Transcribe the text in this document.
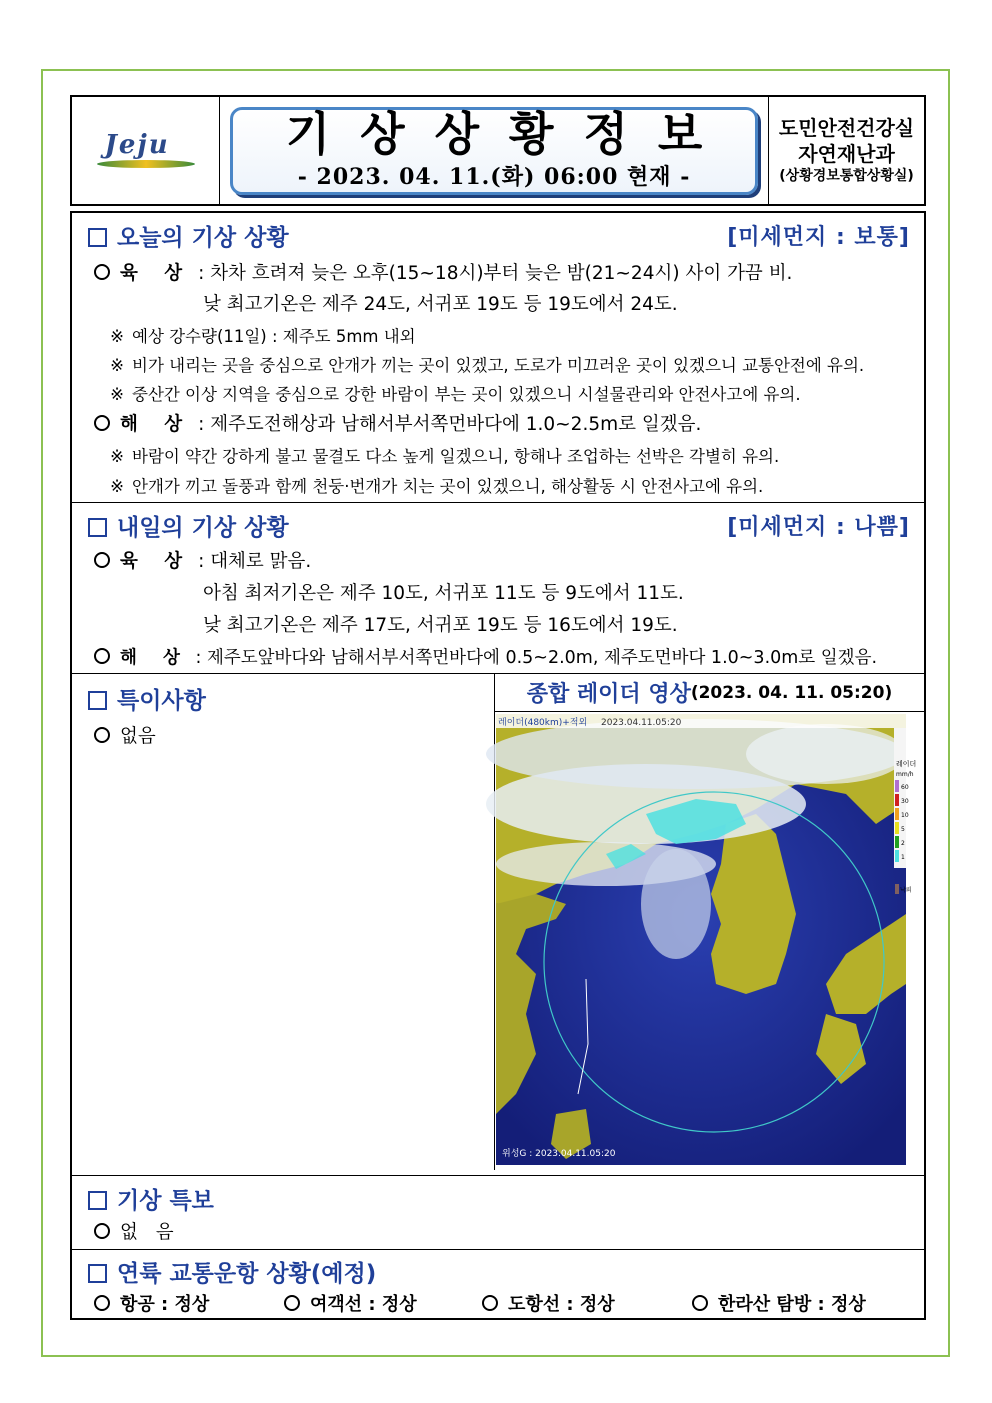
Jeju	기상상황정보
- 2023. 04. 11.(화) 06:00 현재 -
도민안전건강실
자연재난과
(상황경보통합상황실)
오늘의 기상 상황	[미세먼지 : 보통]
육 상 : 차차 흐려져 늦은 오후(15~18시)부터 늦은 밤(21~24시) 사이 가끔 비.
낮 최고기온은 제주 24도, 서귀포 19도 등 19도에서 24도.
※ 예상 강수량(11일) : 제주도 5mm 내외
※ 비가 내리는 곳을 중심으로 안개가 끼는 곳이 있겠고, 도로가 미끄러운 곳이 있겠으니 교통안전에 유의.
※ 중산간 이상 지역을 중심으로 강한 바람이 부는 곳이 있겠으니 시설물관리와 안전사고에 유의.
해 상 : 제주도전해상과 남해서부서쪽먼바다에 1.0~2.5m로 일겠음.
※ 바람이 약간 강하게 불고 물결도 다소 높게 일겠으니, 항해나 조업하는 선박은 각별히 유의.
※ 안개가 끼고 돌풍과 함께 천둥·번개가 치는 곳이 있겠으니, 해상활동 시 안전사고에 유의.
내일의 기상 상황	[미세먼지 : 나쁨]
육 상 : 대체로 맑음.
아침 최저기온은 제주 10도, 서귀포 11도 등 9도에서 11도.
낮 최고기온은 제주 17도, 서귀포 19도 등 16도에서 19도.
해 상 : 제주도앞바다와 남해서부서쪽먼바다에 0.5~2.0m, 제주도먼바다 1.0~3.0m로 일겠음.
특이사항
없음
종합 레이더 영상 (2023. 04. 11. 05:20)
레이더(480km)+적외 2023.04.11.05:20
레이더
mm/h
60
30
10
5
2
1
낙뢰
위성G : 2023.04.11.05:20
기상 특보
없 음
연륙 교통운항 상황(예정)
항공 : 정상	여객선 : 정상	도항선 : 정상	한라산 탐방 : 정상
